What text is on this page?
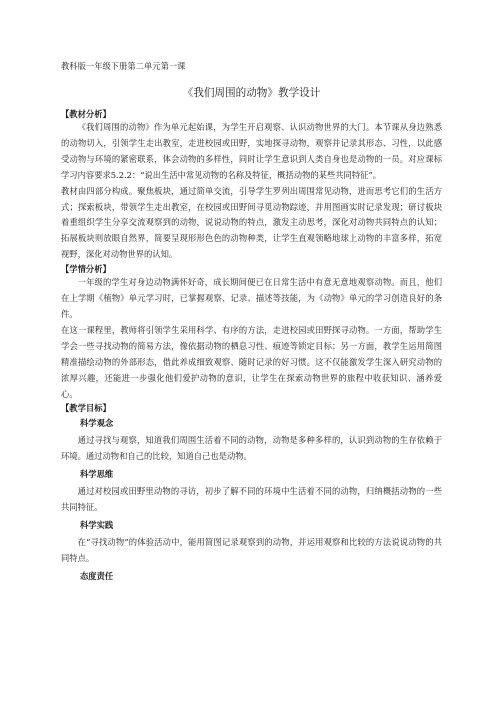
教科版一年级下册第二单元第一课

《我们周围的动物》教学设计

【教材分析】

《我们周围的动物》作为单元起始课，为学生开启观察、认识动物世界的大门。本节课从身边熟悉的动物切入，引领学生走出教室，走进校园或田野，实地探寻动物，观察并记录其形态、习性，以此感受动物与环境的紧密联系，体会动物的多样性，同时让学生意识到人类自身也是动物的一员。对应课标学习内容要求5.2.2：“说出生活中常见动物的名称及特征，概括动物的某些共同特征”。

教材由四部分构成。聚焦板块，通过简单交流，引导学生罗列出周围常见动物，进而思考它们的生活方式；探索板块，带领学生走出教室，在校园或田野间寻觅动物踪迹，并用图画实时记录发现；研讨板块着重组织学生分享交流观察到的动物，说说动物的特点，激发主动思考，深化对动物共同特点的认知；拓展板块则放眼自然界，简要呈现形形色色的动物种类，让学生直观领略地球上动物的丰富多样，拓宽视野，深化对动物世界的认知。

【学情分析】

一年级的学生对身边动物满怀好奇，成长期间便已在日常生活中有意无意地观察动物。而且，他们在上学期《植物》单元学习时，已掌握观察、记录、描述等技能，为《动物》单元的学习创造良好的条件。

在这一课程里，教师将引领学生采用科学、有序的方法，走进校园或田野探寻动物。一方面，帮助学生学会一些寻找动物的简易方法，像依据动物的栖息习性、痕迹等锁定目标；另一方面，教学生运用简图精准描绘动物的外部形态，借此养成细致观察、随时记录的好习惯。这不仅能激发学生深入研究动物的浓厚兴趣，还能进一步强化他们爱护动物的意识，让学生在探索动物世界的旅程中收获知识、涵养爱心。

【教学目标】

科学观念

通过寻找与观察，知道我们周围生活着不同的动物，动物是多种多样的，认识到动物的生存依赖于环境。通过动物和自己的比较，知道自己也是动物。

科学思维

通过对校园或田野里动物的寻访，初步了解不同的环境中生活着不同的动物，归纳概括动物的一些共同特征。

科学实践

在“寻找动物”的体验活动中，能用简图记录观察到的动物，并运用观察和比较的方法说说动物的共同特点。

态度责任
